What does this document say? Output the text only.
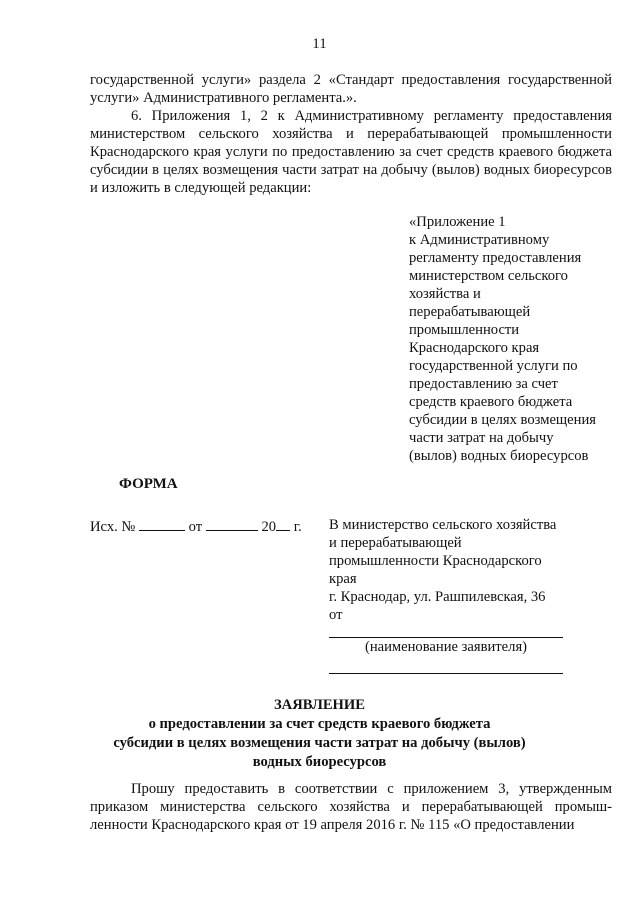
11

государственной услуги» раздела 2 «Стандарт предоставления государственной услуги» Административного регламента.».

6. Приложения 1, 2 к Административному регламенту предоставления министерством сельского хозяйства и перерабатывающей промышленности Краснодарского края услуги по предоставлению за счет средств краевого бюджета субсидии в целях возмещения части затрат на добычу (вылов) водных биоресурсов и изложить в следующей редакции:

«Приложение 1
к Административному
регламенту предоставления
министерством сельского
хозяйства и
перерабатывающей
промышленности
Краснодарского края
государственной услуги по
предоставлению за счет
средств краевого бюджета
субсидии в целях возмещения
части затрат на добычу
(вылов) водных биоресурсов
ФОРМА
Исх. №	от	20 г. В министерство сельского хозяйства
и перерабатывающей
промышленности Краснодарского
края
г. Краснодар, ул. Рашпилевская, 36
от
(наименование заявителя)
ЗАЯВЛЕНИЕ
о предоставлении за счет средств краевого бюджета
субсидии в целях возмещения части затрат на добычу (вылов)
водных биоресурсов

Прошу предоставить в соответствии с приложением 3, утвержденным приказом министерства сельского хозяйства и перерабатывающей промыш-ленности Краснодарского края от 19 апреля 2016 г. № 115 «О предоставлении
